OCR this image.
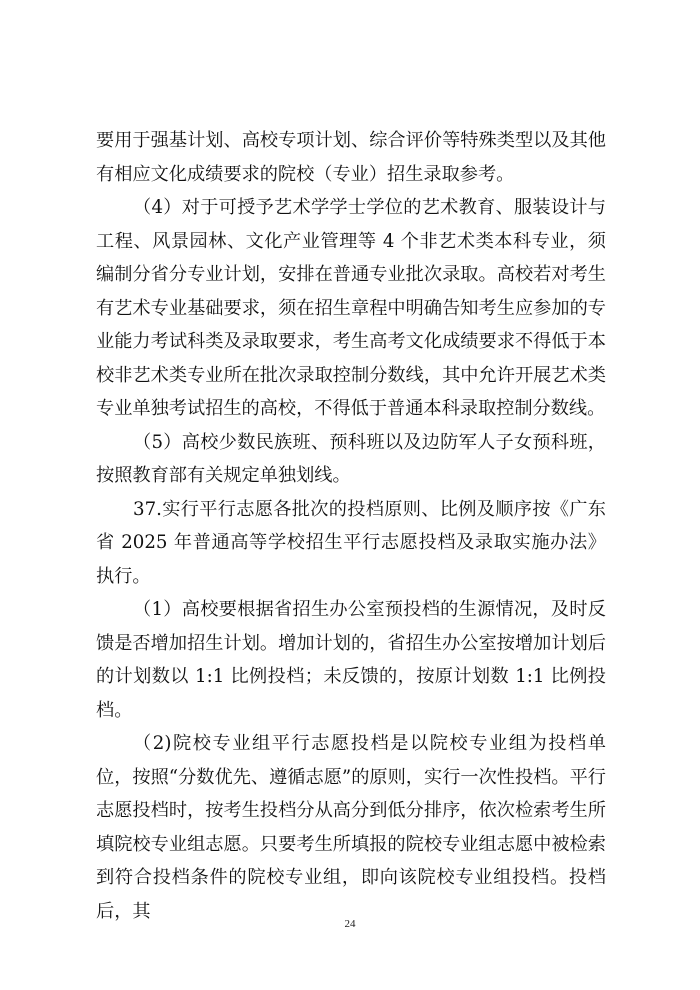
要用于强基计划、高校专项计划、综合评价等特殊类型以及其他有相应文化成绩要求的院校（专业）招生录取参考。

（4）对于可授予艺术学学士学位的艺术教育、服装设计与工程、风景园林、文化产业管理等 4 个非艺术类本科专业，须编制分省分专业计划，安排在普通专业批次录取。高校若对考生有艺术专业基础要求，须在招生章程中明确告知考生应参加的专业能力考试科类及录取要求，考生高考文化成绩要求不得低于本校非艺术类专业所在批次录取控制分数线，其中允许开展艺术类专业单独考试招生的高校，不得低于普通本科录取控制分数线。

（5）高校少数民族班、预科班以及边防军人子女预科班，按照教育部有关规定单独划线。

37.实行平行志愿各批次的投档原则、比例及顺序按《广东省 2025 年普通高等学校招生平行志愿投档及录取实施办法》执行。

（1）高校要根据省招生办公室预投档的生源情况，及时反馈是否增加招生计划。增加计划的，省招生办公室按增加计划后的计划数以 1:1 比例投档；未反馈的，按原计划数 1:1 比例投档。

（2)院校专业组平行志愿投档是以院校专业组为投档单位，按照“分数优先、遵循志愿”的原则，实行一次性投档。平行志愿投档时，按考生投档分从高分到低分排序，依次检索考生所填院校专业组志愿。只要考生所填报的院校专业组志愿中被检索到符合投档条件的院校专业组，即向该院校专业组投档。投档后，其

24
